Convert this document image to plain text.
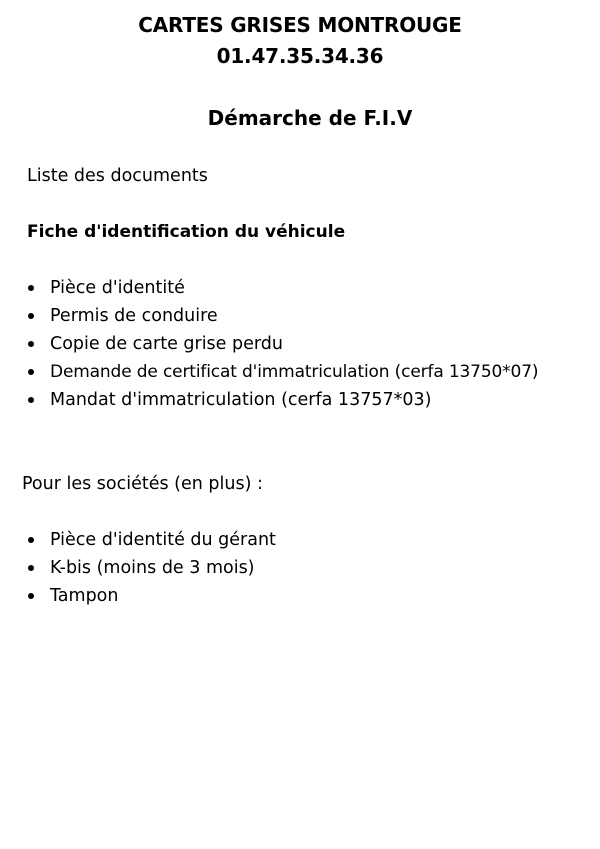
CARTES GRISES MONTROUGE
01.47.35.34.36
Démarche de F.I.V
Liste des documents
Fiche d'identification du véhicule
Pièce d'identité
Permis de conduire
Copie de carte grise perdu
Demande de certificat d'immatriculation (cerfa 13750*07)
Mandat d'immatriculation (cerfa 13757*03)
Pour les sociétés (en plus) :
Pièce d'identité du gérant
K-bis (moins de 3 mois)
Tampon
